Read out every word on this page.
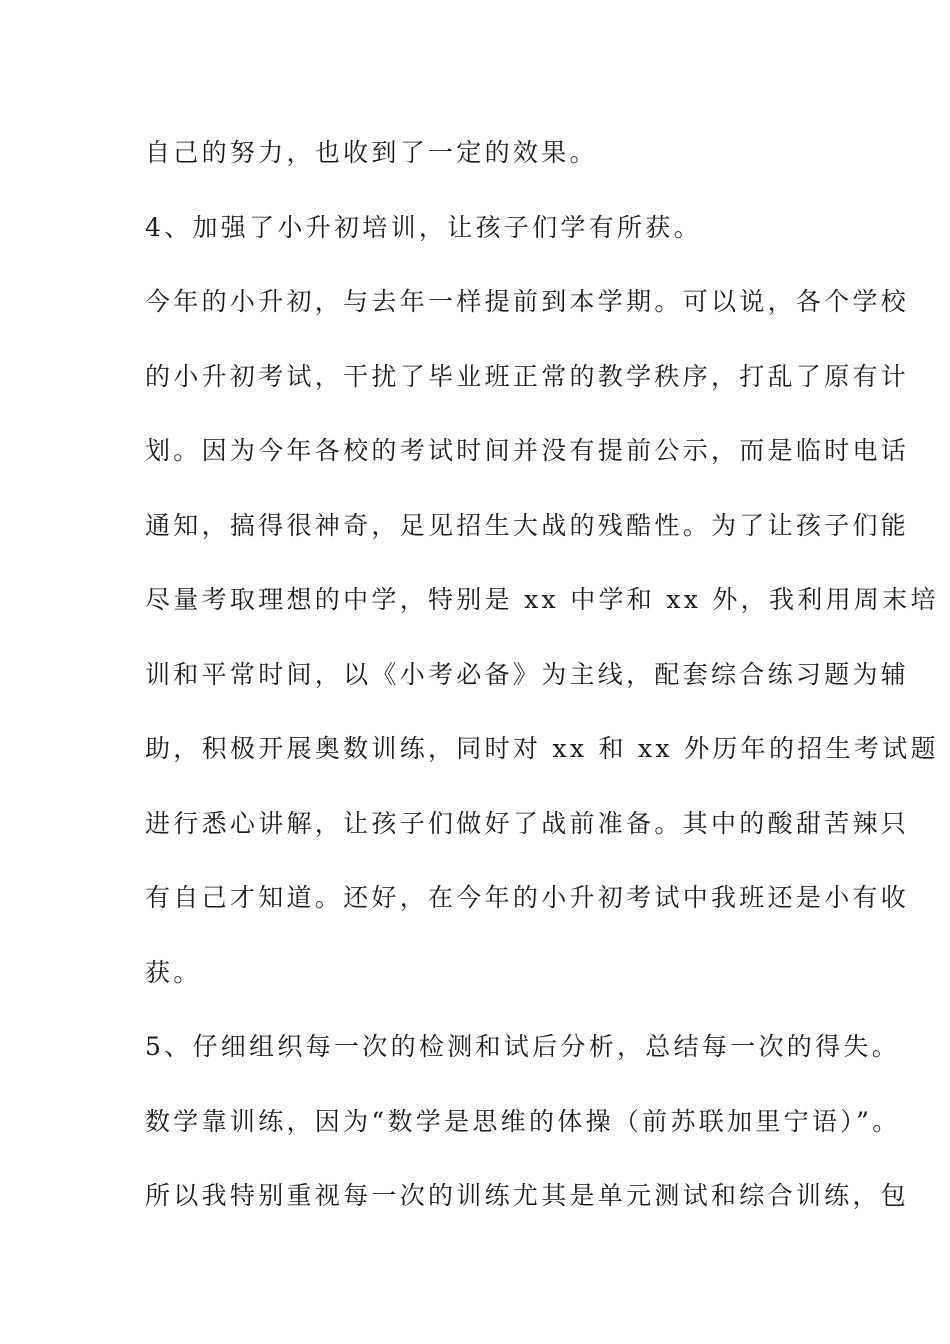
自己的努力，也收到了一定的效果。
4、加强了小升初培训，让孩子们学有所获。
今年的小升初，与去年一样提前到本学期。可以说，各个学校
的小升初考试，干扰了毕业班正常的教学秩序，打乱了原有计
划。因为今年各校的考试时间并没有提前公示，而是临时电话
通知，搞得很神奇，足见招生大战的残酷性。为了让孩子们能
尽量考取理想的中学，特别是 xx 中学和 xx 外，我利用周末培
训和平常时间，以《小考必备》为主线，配套综合练习题为辅
助，积极开展奥数训练，同时对 xx 和 xx 外历年的招生考试题
进行悉心讲解，让孩子们做好了战前准备。其中的酸甜苦辣只
有自己才知道。还好，在今年的小升初考试中我班还是小有收
获。
5、仔细组织每一次的检测和试后分析，总结每一次的得失。
数学靠训练，因为“数学是思维的体操（前苏联加里宁语）”。
所以我特别重视每一次的训练尤其是单元测试和综合训练，包
